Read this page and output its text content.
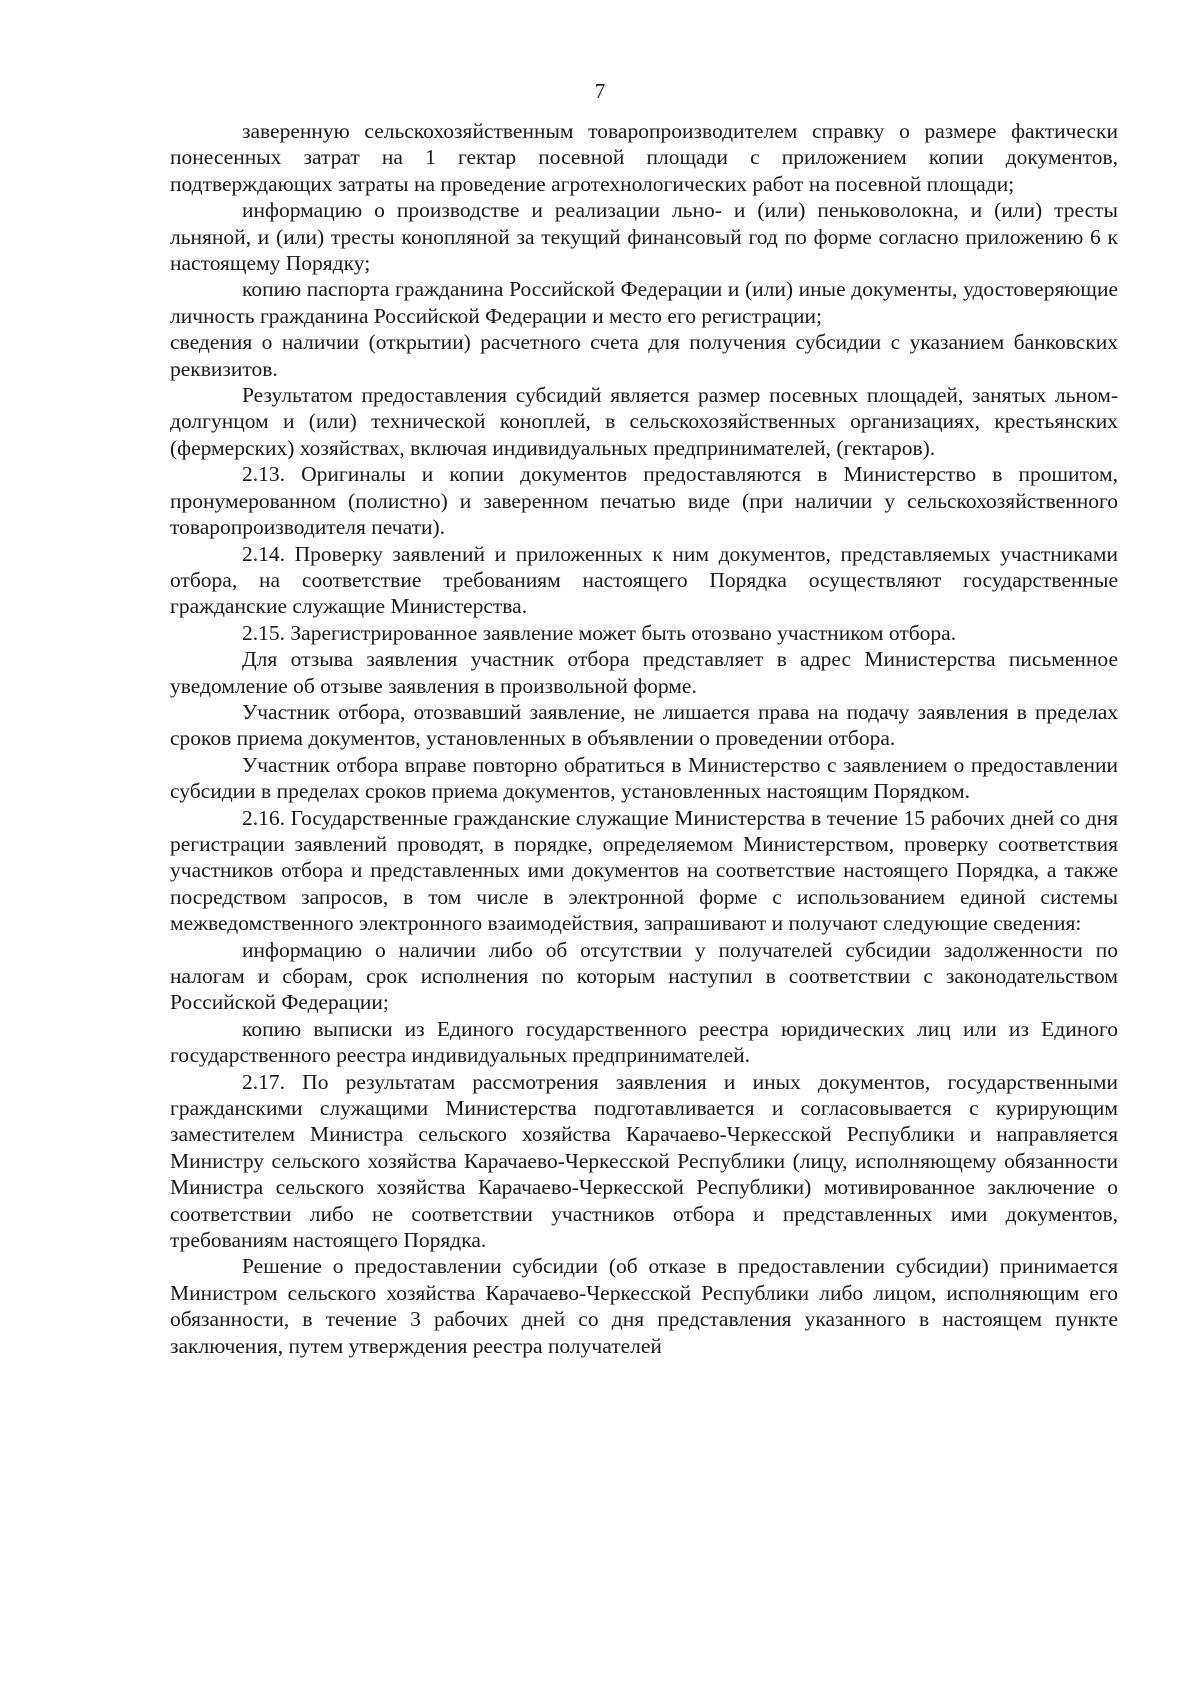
7

заверенную сельскохозяйственным товаропроизводителем справку о размере фактически понесенных затрат на 1 гектар посевной площади с приложением копии документов, подтверждающих затраты на проведение агротехнологических работ на посевной площади;

информацию о производстве и реализации льно- и (или) пеньковолокна, и (или) тресты льняной, и (или) тресты конопляной за текущий финансовый год по форме согласно приложению 6 к настоящему Порядку;

копию паспорта гражданина Российской Федерации и (или) иные документы, удостоверяющие личность гражданина Российской Федерации и место его регистрации;

сведения о наличии (открытии) расчетного счета для получения субсидии с указанием банковских реквизитов.

Результатом предоставления субсидий является размер посевных площадей, занятых льном-долгунцом и (или) технической коноплей, в сельскохозяйственных организациях, крестьянских (фермерских) хозяйствах, включая индивидуальных предпринимателей, (гектаров).

2.13. Оригиналы и копии документов предоставляются в Министерство в прошитом, пронумерованном (полистно) и заверенном печатью виде (при наличии у сельскохозяйственного товаропроизводителя печати).

2.14. Проверку заявлений и приложенных к ним документов, представляемых участниками отбора, на соответствие требованиям настоящего Порядка осуществляют государственные гражданские служащие Министерства.

2.15. Зарегистрированное заявление может быть отозвано участником отбора.

Для отзыва заявления участник отбора представляет в адрес Министерства письменное уведомление об отзыве заявления в произвольной форме.

Участник отбора, отозвавший заявление, не лишается права на подачу заявления в пределах сроков приема документов, установленных в объявлении о проведении отбора.

Участник отбора вправе повторно обратиться в Министерство с заявлением о предоставлении субсидии в пределах сроков приема документов, установленных настоящим Порядком.

2.16. Государственные гражданские служащие Министерства в течение 15 рабочих дней со дня регистрации заявлений проводят, в порядке, определяемом Министерством, проверку соответствия участников отбора и представленных ими документов на соответствие настоящего Порядка, а также посредством запросов, в том числе в электронной форме с использованием единой системы межведомственного электронного взаимодействия, запрашивают и получают следующие сведения:

информацию о наличии либо об отсутствии у получателей субсидии задолженности по налогам и сборам, срок исполнения по которым наступил в соответствии с законодательством Российской Федерации;

копию выписки из Единого государственного реестра юридических лиц или из Единого государственного реестра индивидуальных предпринимателей.

2.17. По результатам рассмотрения заявления и иных документов, государственными гражданскими служащими Министерства подготавливается и согласовывается с курирующим заместителем Министра сельского хозяйства Карачаево-Черкесской Республики и направляется Министру сельского хозяйства Карачаево-Черкесской Республики (лицу, исполняющему обязанности Министра сельского хозяйства Карачаево-Черкесской Республики) мотивированное заключение о соответствии либо не соответствии участников отбора и представленных ими документов, требованиям настоящего Порядка.

Решение о предоставлении субсидии (об отказе в предоставлении субсидии) принимается Министром сельского хозяйства Карачаево-Черкесской Республики либо лицом, исполняющим его обязанности, в течение 3 рабочих дней со дня представления указанного в настоящем пункте заключения, путем утверждения реестра получателей
